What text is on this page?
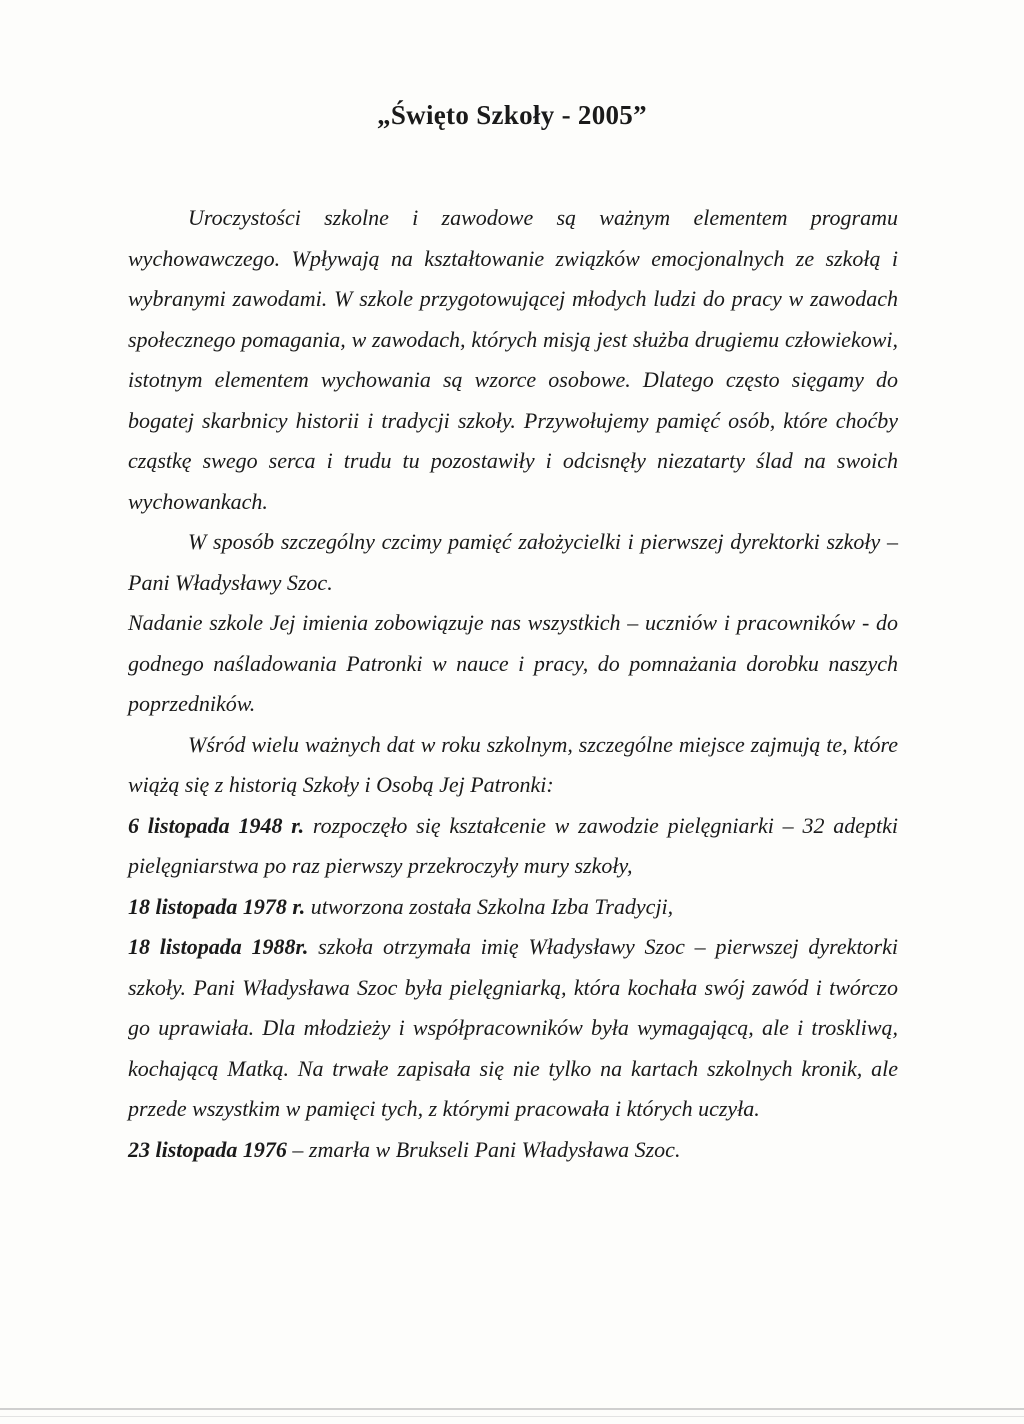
„Święto Szkoły - 2005”

Uroczystości szkolne i zawodowe są ważnym elementem programu wychowawczego. Wpływają na kształtowanie związków emocjonalnych ze szkołą i wybranymi zawodami. W szkole przygotowującej młodych ludzi do pracy w zawodach społecznego pomagania, w zawodach, których misją jest służba drugiemu człowiekowi, istotnym elementem wychowania są wzorce osobowe. Dlatego często sięgamy do bogatej skarbnicy historii i tradycji szkoły. Przywołujemy pamięć osób, które choćby cząstkę swego serca i trudu tu pozostawiły i odcisnęły niezatarty ślad na swoich wychowankach.

W sposób szczególny czcimy pamięć założycielki i pierwszej dyrektorki szkoły – Pani Władysławy Szoc.

Nadanie szkole Jej imienia zobowiązuje nas wszystkich – uczniów i pracowników - do godnego naśladowania Patronki w nauce i pracy, do pomnażania dorobku naszych poprzedników.

Wśród wielu ważnych dat w roku szkolnym, szczególne miejsce zajmują te, które wiążą się z historią Szkoły i Osobą Jej Patronki:

6 listopada 1948 r. rozpoczęło się kształcenie w zawodzie pielęgniarki – 32 adeptki pielęgniarstwa po raz pierwszy przekroczyły mury szkoły,

18 listopada 1978 r. utworzona została Szkolna Izba Tradycji,

18 listopada 1988r. szkoła otrzymała imię Władysławy Szoc – pierwszej dyrektorki szkoły. Pani Władysława Szoc była pielęgniarką, która kochała swój zawód i twórczo go uprawiała. Dla młodzieży i współpracowników była wymagającą, ale i troskliwą, kochającą Matką. Na trwałe zapisała się nie tylko na kartach szkolnych kronik, ale przede wszystkim w pamięci tych, z którymi pracowała i których uczyła.

23 listopada 1976 – zmarła w Brukseli Pani Władysława Szoc.
